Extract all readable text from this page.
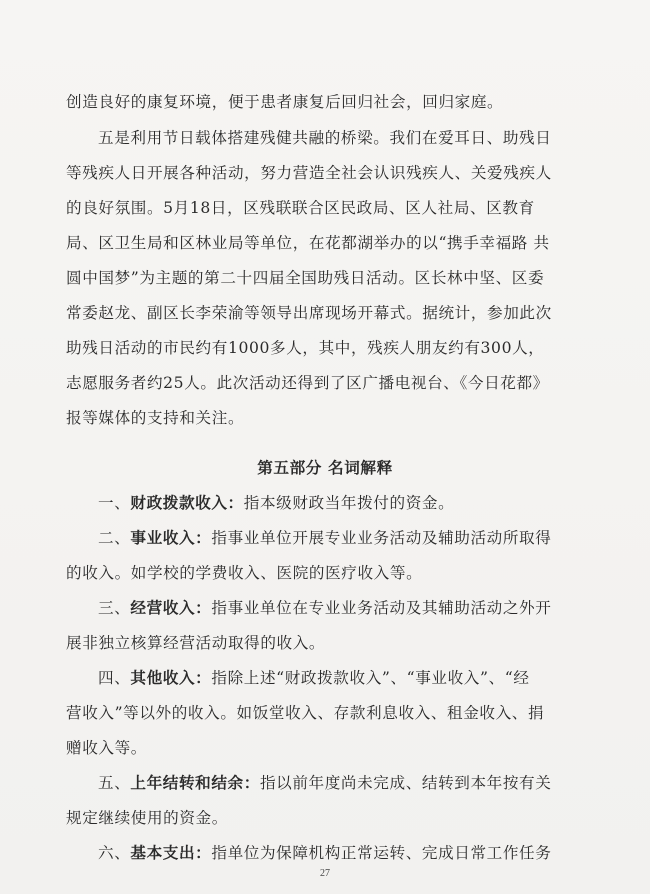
创造良好的康复环境，便于患者康复后回归社会，回归家庭。
五是利用节日载体搭建残健共融的桥梁。我们在爱耳日、助残日
等残疾人日开展各种活动，努力营造全社会认识残疾人、关爱残疾人
的良好氛围。5月18日，区残联联合区民政局、区人社局、区教育
局、区卫生局和区林业局等单位，在花都湖举办的以“携手幸福路 共
圆中国梦”为主题的第二十四届全国助残日活动。区长林中坚、区委
常委赵龙、副区长李荣渝等领导出席现场开幕式。据统计，参加此次
助残日活动的市民约有1000多人，其中，残疾人朋友约有300人，
志愿服务者约25人。此次活动还得到了区广播电视台、《今日花都》
报等媒体的支持和关注。
第五部分 名词解释
一、财政拨款收入：指本级财政当年拨付的资金。
二、事业收入：指事业单位开展专业业务活动及辅助活动所取得
的收入。如学校的学费收入、医院的医疗收入等。
三、经营收入：指事业单位在专业业务活动及其辅助活动之外开
展非独立核算经营活动取得的收入。
四、其他收入：指除上述“财政拨款收入”、“事业收入”、“经
营收入”等以外的收入。如饭堂收入、存款利息收入、租金收入、捐
赠收入等。
五、上年结转和结余：指以前年度尚未完成、结转到本年按有关
规定继续使用的资金。
六、基本支出：指单位为保障机构正常运转、完成日常工作任务
27
